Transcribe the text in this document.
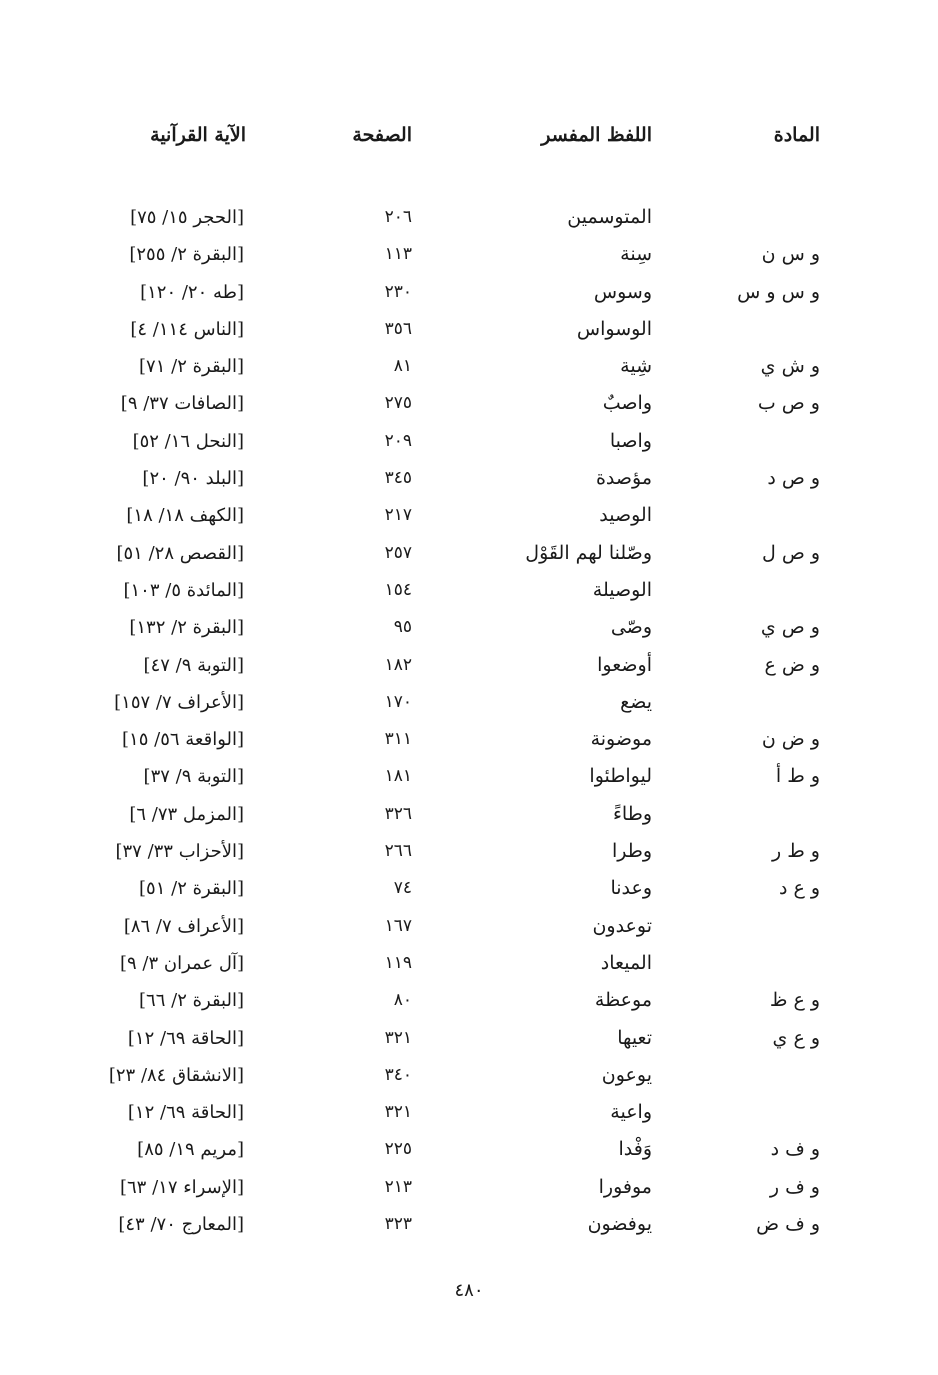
المادة
اللفظ المفسر
الصفحة
الآية القرآنية
المتوسمين
٢٠٦
[الحجر ١٥/ ٧٥]
و س ن
سِنة
١١٣
[البقرة ٢/ ٢٥٥]
و س و س
وسوس
٢٣٠
[طه ٢٠/ ١٢٠]
الوسواس
٣٥٦
[الناس ١١٤/ ٤]
و ش ي
شِية
٨١
[البقرة ٢/ ٧١]
و ص ب
واصبٌ
٢٧٥
[الصافات ٣٧/ ٩]
واصبا
٢٠٩
[النحل ١٦/ ٥٢]
و ص د
مؤصدة
٣٤٥
[البلد ٩٠/ ٢٠]
الوصيد
٢١٧
[الكهف ١٨/ ١٨]
و ص ل
وصّلنا لهم القَوْل
٢٥٧
[القصص ٢٨/ ٥١]
الوصيلة
١٥٤
[المائدة ٥/ ١٠٣]
و ص ي
وصّى
٩٥
[البقرة ٢/ ١٣٢]
و ض ع
أوضعوا
١٨٢
[التوبة ٩/ ٤٧]
يضع
١٧٠
[الأعراف ٧/ ١٥٧]
و ض ن
موضونة
٣١١
[الواقعة ٥٦/ ١٥]
و ط أ
ليواطئوا
١٨١
[التوبة ٩/ ٣٧]
وطاءً
٣٢٦
[المزمل ٧٣/ ٦]
و ط ر
وطرا
٢٦٦
[الأحزاب ٣٣/ ٣٧]
و ع د
وعدنا
٧٤
[البقرة ٢/ ٥١]
توعدون
١٦٧
[الأعراف ٧/ ٨٦]
الميعاد
١١٩
[آل عمران ٣/ ٩]
و ع ظ
موعظة
٨٠
[البقرة ٢/ ٦٦]
و ع ي
تعيها
٣٢١
[الحاقة ٦٩/ ١٢]
يوعون
٣٤٠
[الانشقاق ٨٤/ ٢٣]
واعية
٣٢١
[الحاقة ٦٩/ ١٢]
و ف د
وَفْدا
٢٢٥
[مريم ١٩/ ٨٥]
و ف ر
موفورا
٢١٣
[الإسراء ١٧/ ٦٣]
و ف ض
يوفضون
٣٢٣
[المعارج ٧٠/ ٤٣]
٤٨٠
